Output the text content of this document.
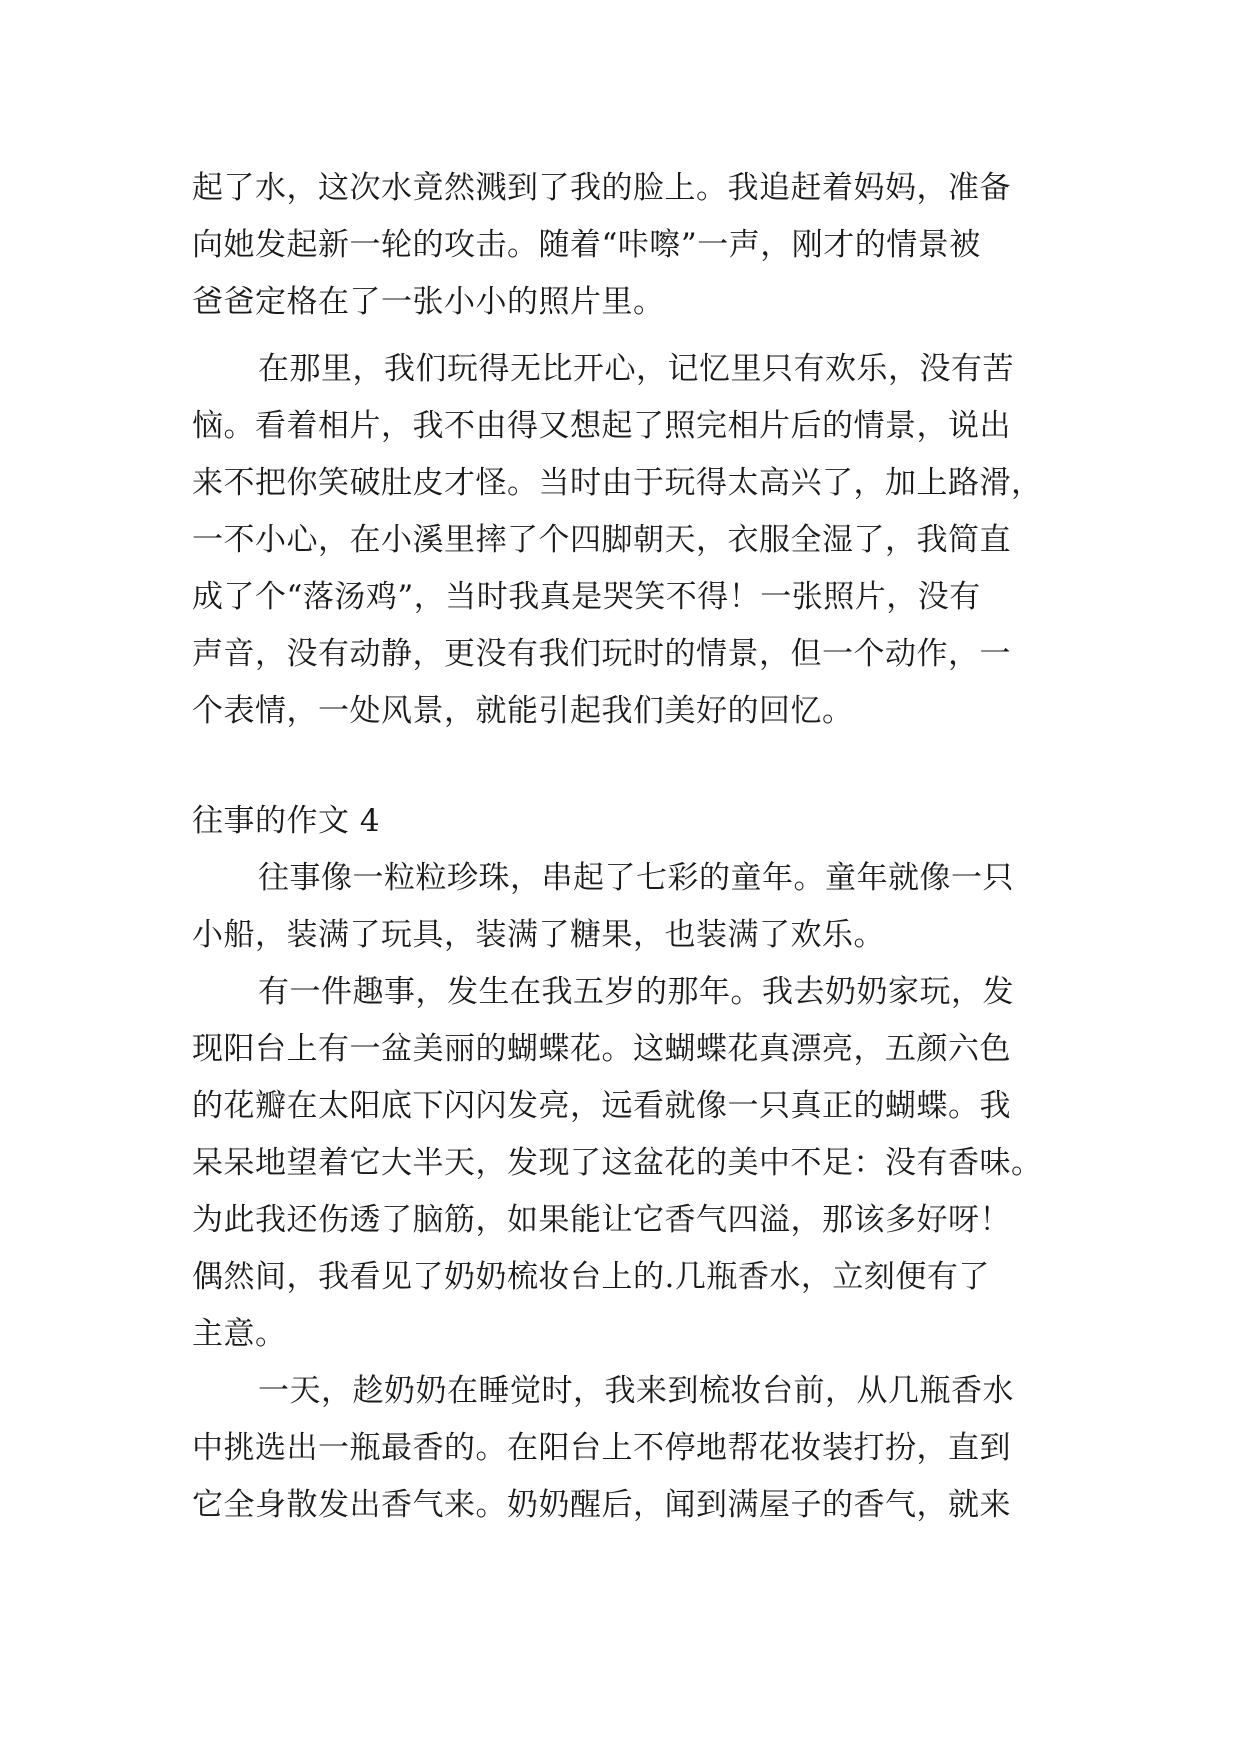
起了水，这次水竟然溅到了我的脸上。我追赶着妈妈，准备
向她发起新一轮的攻击。随着“咔嚓”一声，刚才的情景被
爸爸定格在了一张小小的照片里。
在那里，我们玩得无比开心，记忆里只有欢乐，没有苦
恼。看着相片，我不由得又想起了照完相片后的情景，说出
来不把你笑破肚皮才怪。当时由于玩得太高兴了，加上路滑，
一不小心，在小溪里摔了个四脚朝天，衣服全湿了，我简直
成了个“落汤鸡”，当时我真是哭笑不得！一张照片，没有
声音，没有动静，更没有我们玩时的情景，但一个动作，一
个表情，一处风景，就能引起我们美好的回忆。
往事的作文 4
往事像一粒粒珍珠，串起了七彩的童年。童年就像一只
小船，装满了玩具，装满了糖果，也装满了欢乐。
有一件趣事，发生在我五岁的那年。我去奶奶家玩，发
现阳台上有一盆美丽的蝴蝶花。这蝴蝶花真漂亮，五颜六色
的花瓣在太阳底下闪闪发亮，远看就像一只真正的蝴蝶。我
呆呆地望着它大半天，发现了这盆花的美中不足：没有香味。
为此我还伤透了脑筋，如果能让它香气四溢，那该多好呀！
偶然间，我看见了奶奶梳妆台上的.几瓶香水，立刻便有了
主意。
一天，趁奶奶在睡觉时，我来到梳妆台前，从几瓶香水
中挑选出一瓶最香的。在阳台上不停地帮花妆装打扮，直到
它全身散发出香气来。奶奶醒后，闻到满屋子的香气，就来
